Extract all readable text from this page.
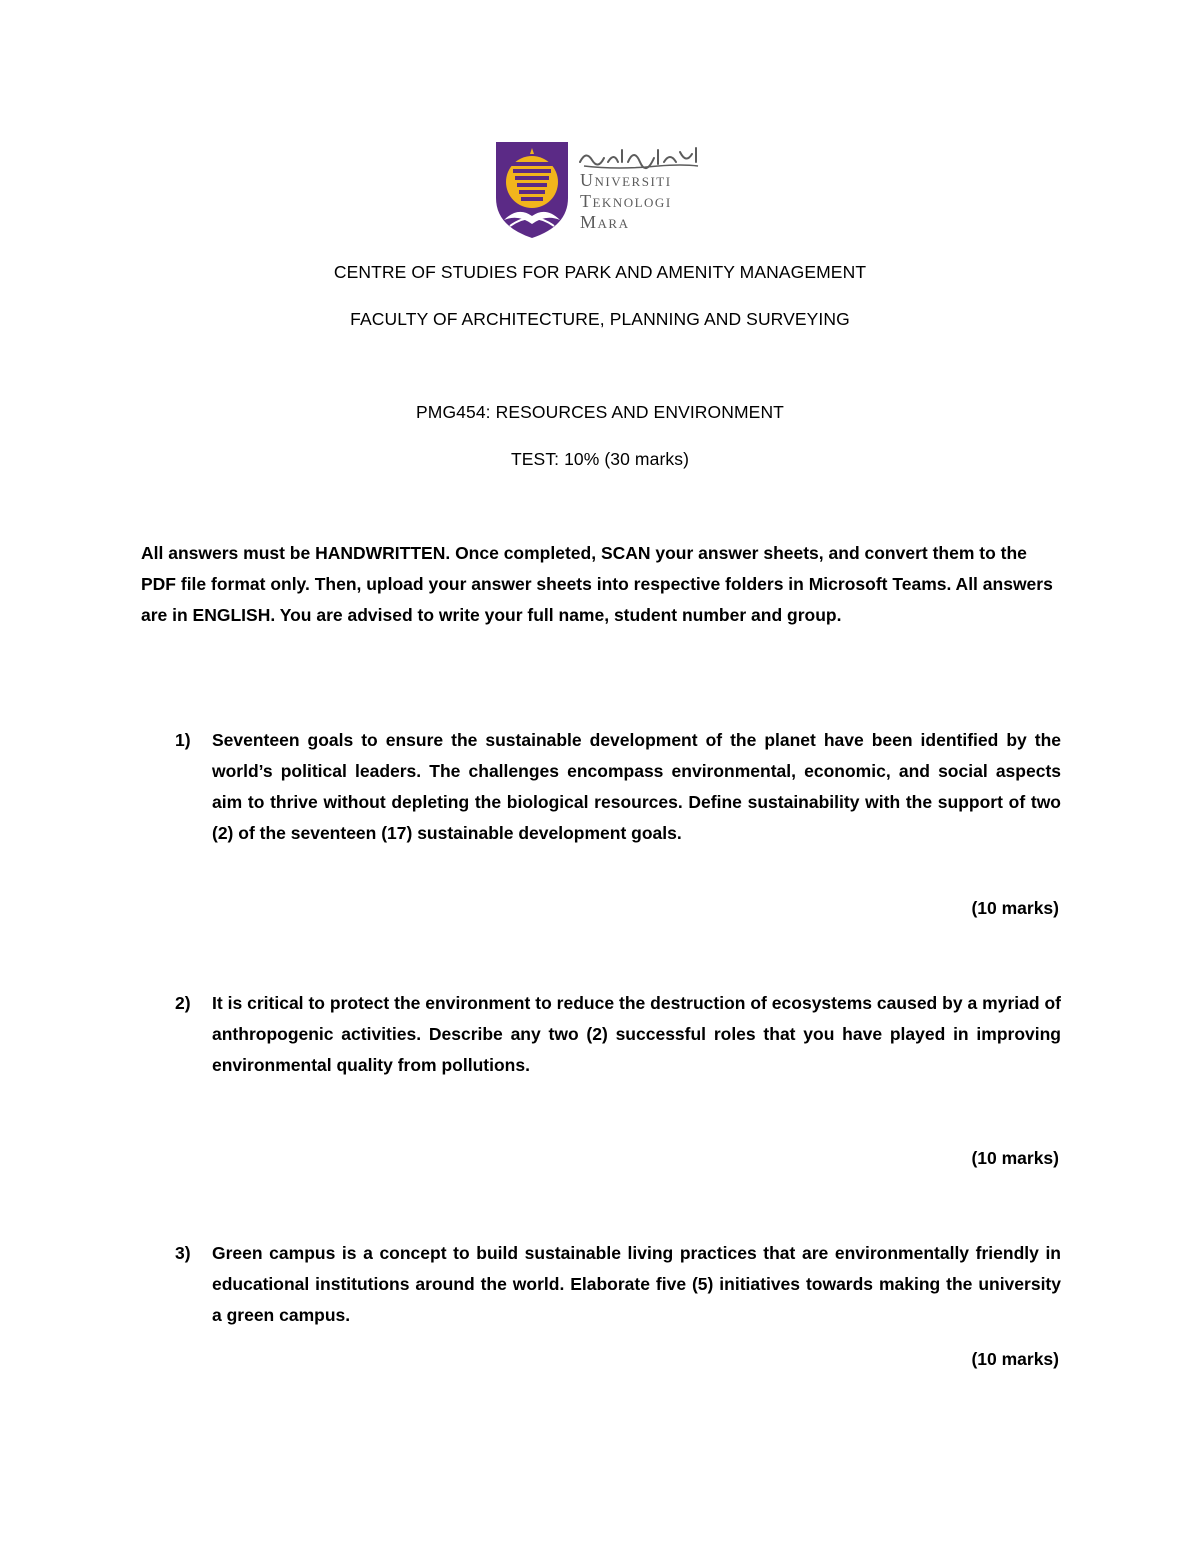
Universiti
Teknologi
Mara
CENTRE OF STUDIES FOR PARK AND AMENITY MANAGEMENT
FACULTY OF ARCHITECTURE, PLANNING AND SURVEYING
PMG454: RESOURCES AND ENVIRONMENT
TEST: 10% (30 marks)
All answers must be HANDWRITTEN. Once completed, SCAN your answer sheets, and convert them to the PDF file format only. Then, upload your answer sheets into respective folders in Microsoft Teams. All answers are in ENGLISH. You are advised to write your full name, student number and group.
1)	Seventeen goals to ensure the sustainable development of the planet have been identified by the world’s political leaders. The challenges encompass environmental, economic, and social aspects aim to thrive without depleting the biological resources. Define sustainability with the support of two (2) of the seventeen (17) sustainable development goals.
(10 marks)
2)	It is critical to protect the environment to reduce the destruction of ecosystems caused by a myriad of anthropogenic activities. Describe any two (2) successful roles that you have played in improving environmental quality from pollutions.
(10 marks)
3)	Green campus is a concept to build sustainable living practices that are environmentally friendly in educational institutions around the world. Elaborate five (5) initiatives towards making the university a green campus.
(10 marks)
